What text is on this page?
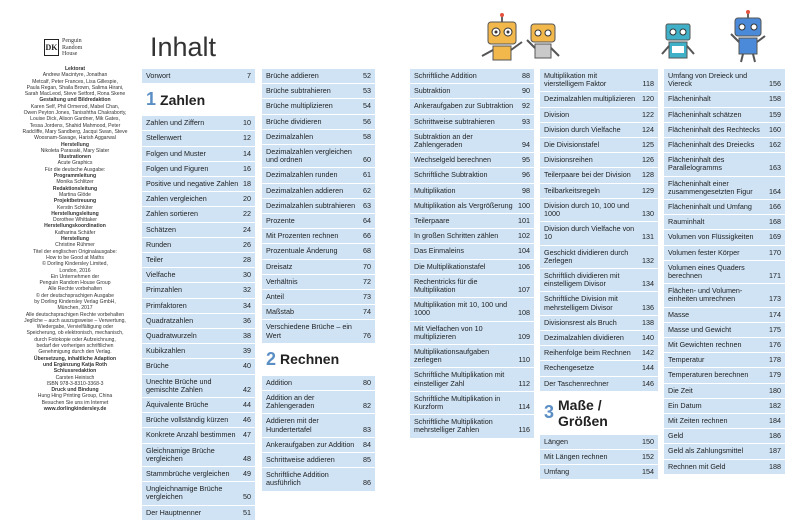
DK
Penguin
Random
House
Lektorat
Andrew Macintyre, Jonathan
Metcalf, Peter Frances, Lisa Gillespie,
Paula Regan, Shaila Brown, Salima Hirani,
Sarah MacLeod, Steve Setford, Rona Skene
Gestaltung und Bildredaktion
Karen Self, Phil Ormerod, Mabel Chan,
Owen Peyton Jones, Tanisshtha Chakraborty,
Louise Dick, Alison Gardner, Mik Gates,
Tessa Jordens, Shahid Mahmood, Peter
Radcliffe, Mary Sandberg, Jacqui Swan, Steve
Woosnam-Savage, Harish Aggarwal
Herstellung
Nikoleta Parasaki, Mary Slater
Illustrationen
Acute Graphics
Für die deutsche Ausgabe:
Programmleitung
Monika Schlitzer
Redaktionsleitung
Martina Glöde
Projektbetreuung
Kerstin Schlüter
Herstellungsleitung
Dorothee Whittaker
Herstellungskoordination
Katharina Schäfer
Herstellung
Christine Rühmer
Titel der englischen Originalausgabe:
How to be Good at Maths
© Dorling Kindersley Limited,
London, 2016
Ein Unternehmen der
Penguin Random House Group
Alle Rechte vorbehalten
© der deutschsprachigen Ausgabe
by Dorling Kindersley Verlag GmbH,
München, 2017
Alle deutschsprachigen Rechte vorbehalten
Jegliche – auch auszugsweise – Verwertung,
Wiedergabe, Vervielfältigung oder
Speicherung, ob elektronisch, mechanisch,
durch Fotokopie oder Aufzeichnung,
bedarf der vorherigen schriftlichen
Genehmigung durch den Verlag.
Übersetzung, inhaltliche Adaption
und Ergänzung Katja Roth
Schlussredaktion
Carsten Heinisch
ISBN 978-3-8310-3368-3
Druck und Bindung
Hung Hing Printing Group, China
Besuchen Sie uns im Internet
www.dorlingkindersley.de
Inhalt
Vorwort	7
1 Zahlen
Zahlen und Ziffern	10
Stellenwert	12
Folgen und Muster	14
Folgen und Figuren	16
Positive und negative Zahlen 18
Zahlen vergleichen	20
Zahlen sortieren	22
Schätzen	24
Runden	26
Teiler	28
Vielfache	30
Primzahlen	32
Primfaktoren	34
Quadratzahlen	36
Quadratwurzeln	38
Kubikzahlen	39
Brüche	40
Unechte Brüche und gemischte Zahlen	42
Äquivalente Brüche	44
Brüche vollständig kürzen	46
Konkrete Anzahl bestimmen	47
Gleichnamige Brüche vergleichen	48
Stammbrüche vergleichen	49
Ungleichnamige Brüche vergleichen	50
Der Hauptnenner	51
Brüche addieren	52
Brüche subtrahieren	53
Brüche multiplizieren	54
Brüche dividieren	56
Dezimalzahlen	58
Dezimalzahlen vergleichen und ordnen	60
Dezimalzahlen runden	61
Dezimalzahlen addieren	62
Dezimalzahlen subtrahieren	63
Prozente	64
Mit Prozenten rechnen	66
Prozentuale Änderung	68
Dreisatz	70
Verhältnis	72
Anteil	73
Maßstab	74
Verschiedene Brüche – ein Wert	76
2 Rechnen
Addition	80
Addition an der Zahlengeraden	82
Addieren mit der Hundertertafel	83
Ankeraufgaben zur Addition	84
Schrittweise addieren	85
Schriftliche Addition ausführlich	86
Schriftliche Addition	88
Subtraktion	90
Ankeraufgaben zur Subtraktion	92
Schrittweise subtrahieren	93
Subtraktion an der Zahlengeraden	94
Wechselgeld berechnen	95
Schriftliche Subtraktion	96
Multiplikation	98
Multiplikation als Vergrößerung 100
Teilerpaare	101
In großen Schritten zählen	102
Das Einmaleins	104
Die Multiplikationstafel	106
Rechentricks für die Multiplikation	107
Multiplikation mit 10, 100 und 1000	108
Mit Vielfachen von 10 multiplizieren	109
Multiplikationsaufgaben zerlegen	110
Schriftliche Multiplikation mit einstelliger Zahl	112
Schriftliche Multiplikation in Kurzform	114
Schriftliche Multiplikation mehrstelliger Zahlen	116
Multiplikation mit vierstelligem Faktor	118
Dezimalzahlen multiplizieren 120
Division	122
Division durch Vielfache	124
Die Divisionstafel	125
Divisionsreihen	126
Teilerpaare bei der Division	128
Teilbarkeitsregeln	129
Division durch 10, 100 und 1000	130
Division durch Vielfache von 10	131
Geschickt dividieren durch Zerlegen	132
Schriftlich dividieren mit einstelligem Divisor	134
Schriftliche Division mit mehrstelligem Divisor	136
Divisionsrest als Bruch	138
Dezimalzahlen dividieren	140
Reihenfolge beim Rechnen	142
Rechengesetze	144
Der Taschenrechner	146
3 Maße / Größen
Längen	150
Mit Längen rechnen	152
Umfang	154
Umfang von Dreieck und Viereck	156
Flächeninhalt	158
Flächeninhalt schätzen	159
Flächeninhalt des Rechtecks	160
Flächeninhalt des Dreiecks	162
Flächeninhalt des Parallelogramms	163
Flächeninhalt einer zusammengesetzten Figur	164
Flächeninhalt und Umfang	166
Rauminhalt	168
Volumen von Flüssigkeiten	169
Volumen fester Körper	170
Volumen eines Quaders berechnen	171
Flächen- und Volumen-einheiten umrechnen	173
Masse	174
Masse und Gewicht	175
Mit Gewichten rechnen	176
Temperatur	178
Temperaturen berechnen	179
Die Zeit	180
Ein Datum	182
Mit Zeiten rechnen	184
Geld	186
Geld als Zahlungsmittel	187
Rechnen mit Geld	188
